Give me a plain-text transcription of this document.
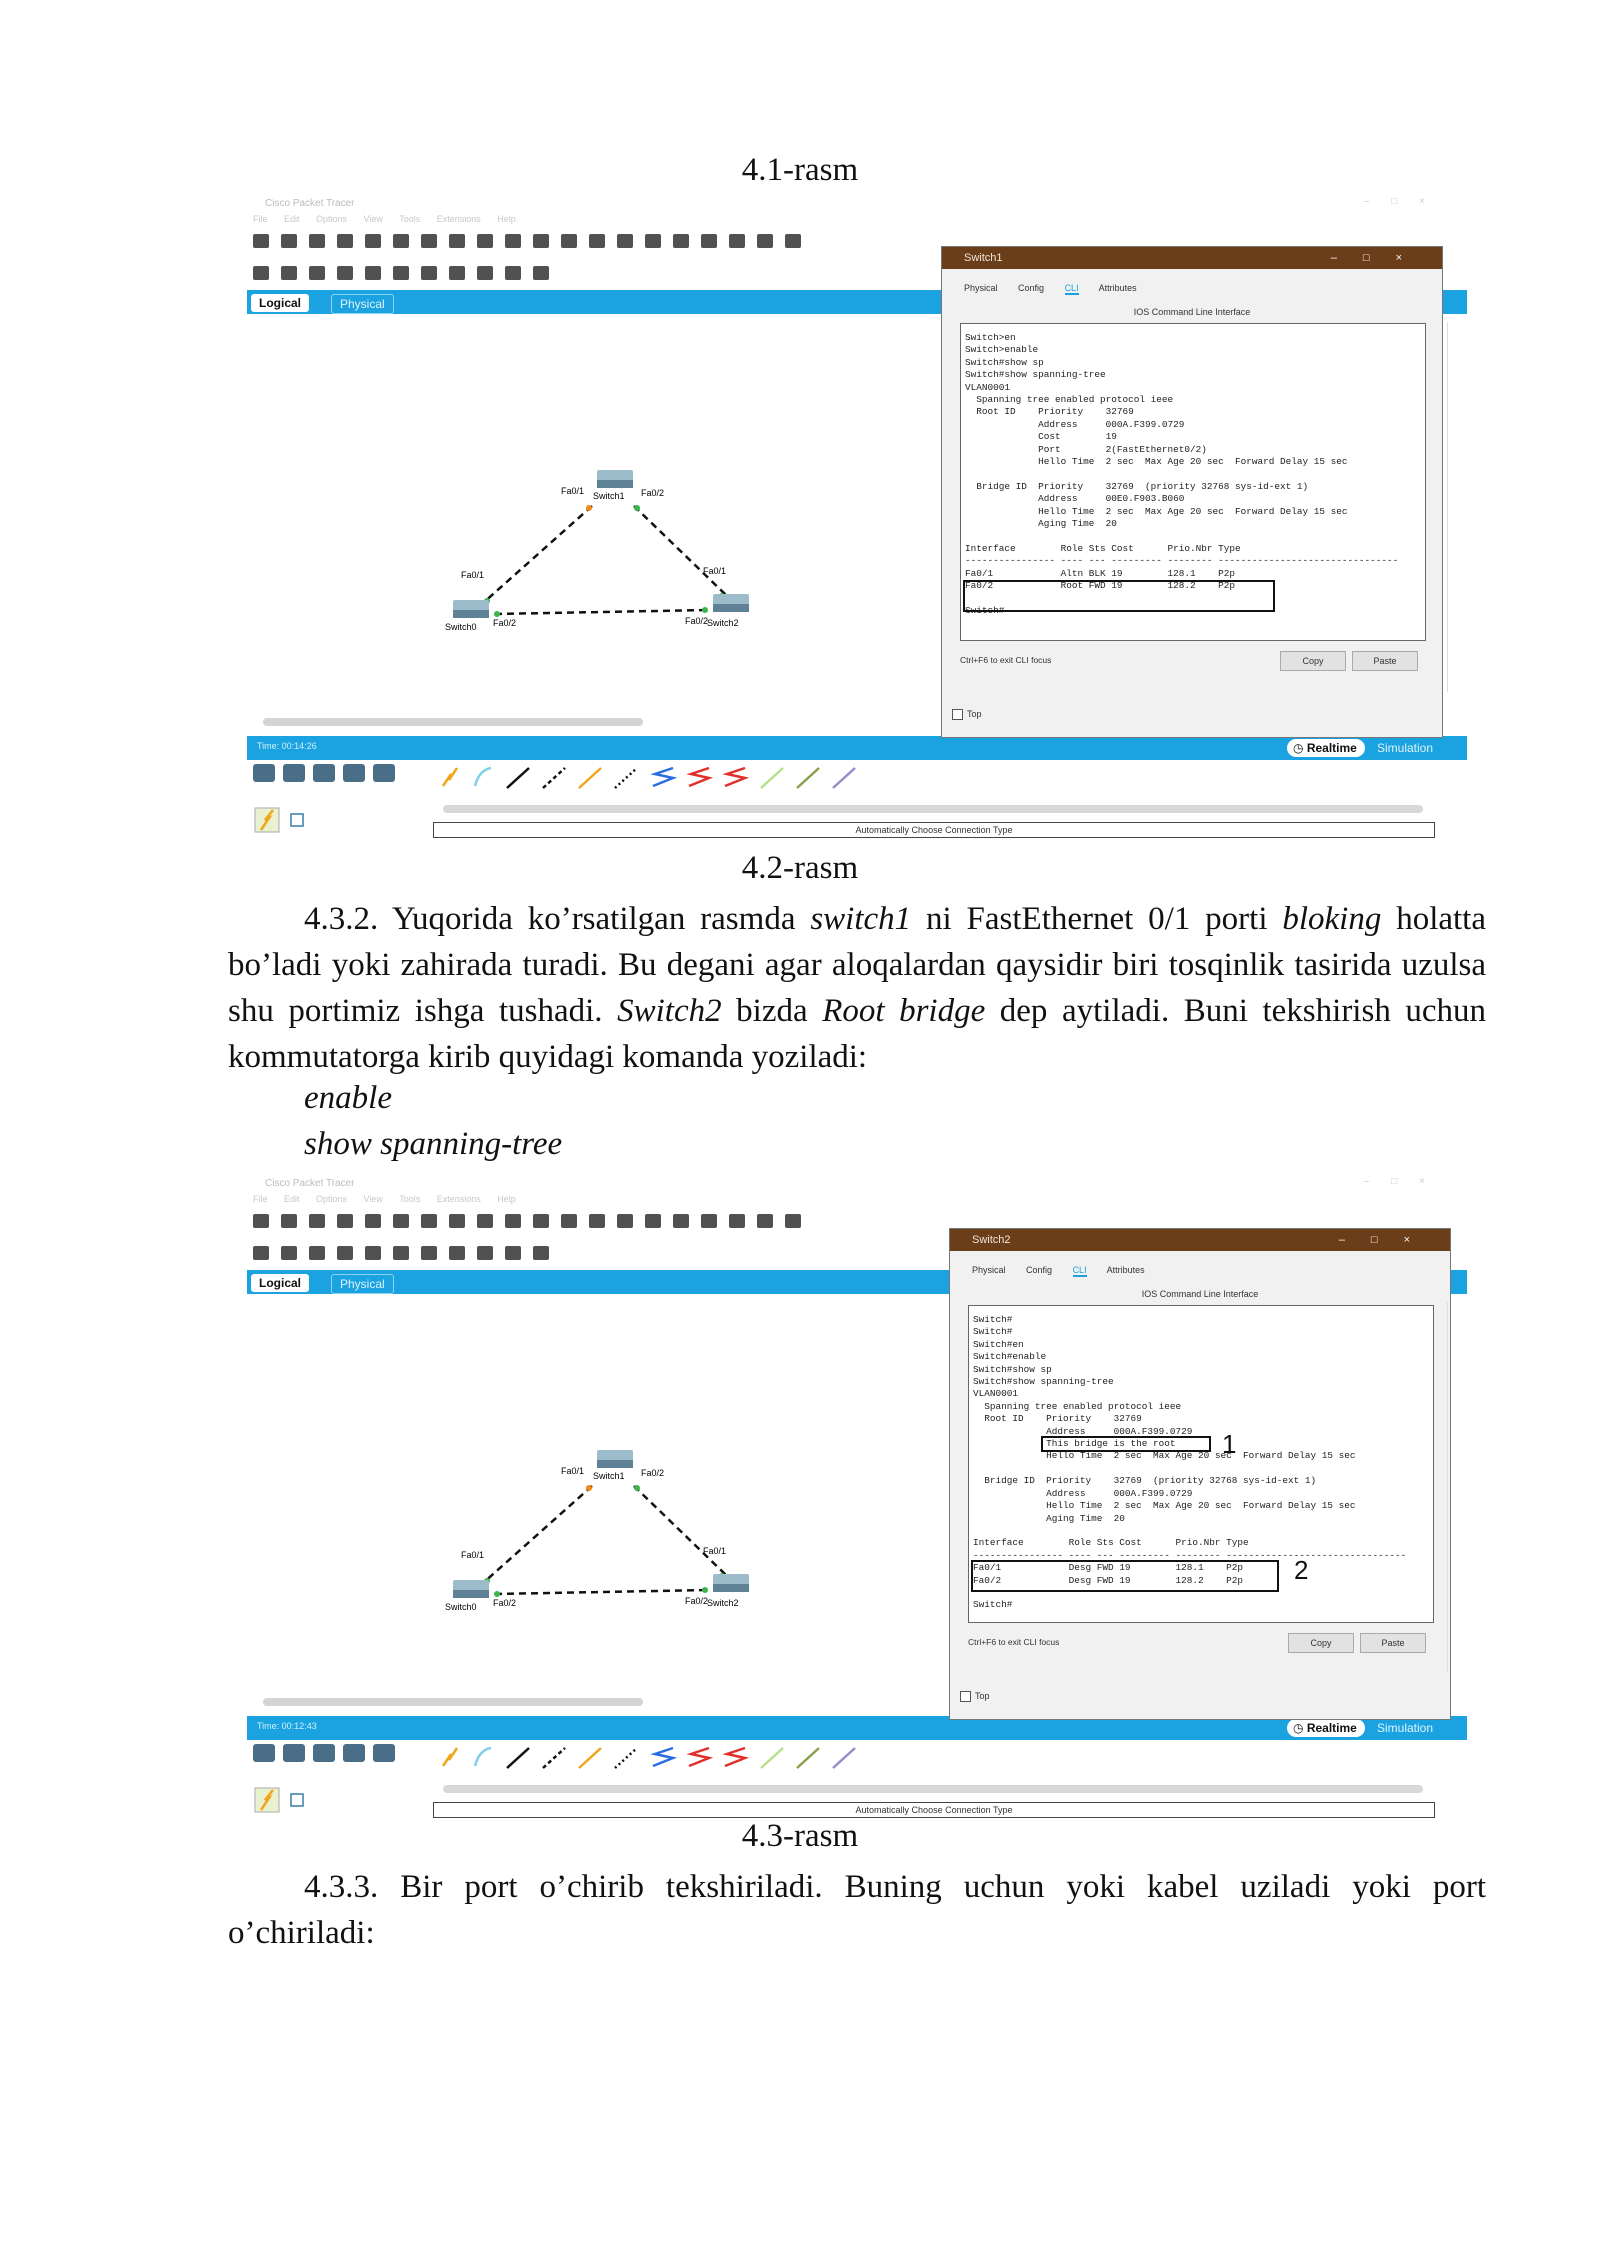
4.1-rasm
Cisco Packet Tracer	–□×
File Edit Options View Tools Extensions Help
Logical	Physical
Switch1
Switch0	Switch2
Fa0/1	Fa0/2
Fa0/1
Fa0/2
Fa0/1
Fa0/2
Time: 00:14:26	◷ Realtime	Simulation
Automatically Choose Connection Type
Switch1	–□×
Physical Config CLI Attributes
IOS Command Line Interface

Switch>en
Switch>enable
Switch#show sp
Switch#show spanning-tree
VLAN0001
Spanning tree enabled protocol ieee
Root ID    Priority    32769
Address     000A.F399.0729
Cost        19
Port        2(FastEthernet0/2)
Hello Time  2 sec  Max Age 20 sec  Forward Delay 15 sec

Bridge ID  Priority    32769  (priority 32768 sys-id-ext 1)
Address     00E0.F903.B060
Hello Time  2 sec  Max Age 20 sec  Forward Delay 15 sec
Aging Time  20

Interface        Role Sts Cost      Prio.Nbr Type
---------------- ---- --- --------- -------- --------------------------------
Fa0/1            Altn BLK 19        128.1    P2p
Fa0/2            Root FWD 19        128.2    P2p

Switch#

Ctrl+F6 to exit CLI focus	Copy	Paste
Top
4.2-rasm

4.3.2. Yuqorida ko’rsatilgan rasmda switch1 ni FastEthernet 0/1 porti bloking holatta bo’ladi yoki zahirada turadi. Bu degani agar aloqalardan qaysidir biri tosqinlik tasirida uzulsa shu portimiz ishga tushadi. Switch2 bizda Root bridge dep aytiladi. Buni tekshirish uchun kommutatorga kirib quyidagi komanda yoziladi:

enable
show spanning-tree
Cisco Packet Tracer	–□×
File Edit Options View Tools Extensions Help
Logical	Physical
Switch1
Switch0	Switch2
Fa0/1	Fa0/2
Fa0/1
Fa0/2
Fa0/1
Fa0/2
Time: 00:12:43	◷ Realtime	Simulation
Automatically Choose Connection Type
Switch2	–□×
Physical Config CLI Attributes
IOS Command Line Interface

Switch#
Switch#
Switch#en
Switch#enable
Switch#show sp
Switch#show spanning-tree
VLAN0001
Spanning tree enabled protocol ieee
Root ID    Priority    32769
Address     000A.F399.0729
This bridge is the root
Hello Time  2 sec  Max Age 20 sec  Forward Delay 15 sec

Bridge ID  Priority    32769  (priority 32768 sys-id-ext 1)
Address     000A.F399.0729
Hello Time  2 sec  Max Age 20 sec  Forward Delay 15 sec
Aging Time  20

Interface        Role Sts Cost      Prio.Nbr Type
---------------- ---- --- --------- -------- --------------------------------
Fa0/1            Desg FWD 19        128.1    P2p
Fa0/2            Desg FWD 19        128.2    P2p

Switch#

1
2
Ctrl+F6 to exit CLI focus	Copy	Paste
Top
4.3-rasm

4.3.3. Bir port o’chirib tekshiriladi. Buning uchun yoki kabel uziladi yoki port o’chiriladi:
